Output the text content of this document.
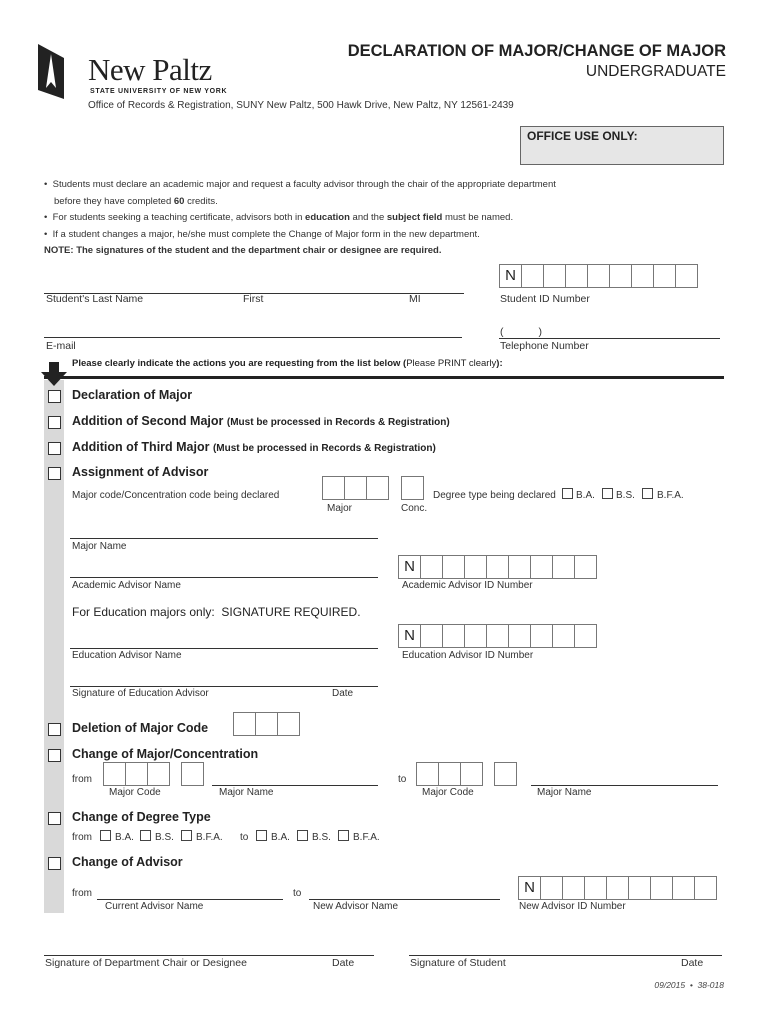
New Paltz
STATE UNIVERSITY OF NEW YORK
DECLARATION OF MAJOR/CHANGE OF MAJOR
UNDERGRADUATE
Office of Records & Registration, SUNY New Paltz, 500 Hawk Drive, New Paltz, NY 12561-2439
OFFICE USE ONLY:
•  Students must declare an academic major and request a faculty advisor through the chair of the appropriate department
before they have completed 60 credits.
•  For students seeking a teaching certificate, advisors both in education and the subject field must be named.
•  If a student changes a major, he/she must complete the Change of Major form in the new department.
NOTE: The signatures of the student and the department chair or designee are required.
Student's Last Name	First	MI
N
Student ID Number
E-mail
(            )
Telephone Number
Please clearly indicate the actions you are requesting from the list below (Please PRINT clearly):
Declaration of Major
Addition of Second Major (Must be processed in Records & Registration)
Addition of Third Major (Must be processed in Records & Registration)
Assignment of Advisor
Major code/Concentration code being declared
Major	Conc.
Degree type being declared B.A. B.S. B.F.A.
Major Name
Academic Advisor Name
N
Academic Advisor ID Number
For Education majors only:  SIGNATURE REQUIRED.
Education Advisor Name
N
Education Advisor ID Number
Signature of Education Advisor	Date
Deletion of Major Code
Change of Major/Concentration
from
Major Code	Major Name
to
Major Code	Major Name
Change of Degree Type
from B.A. B.S. B.F.A. to B.A. B.S. B.F.A.
Change of Advisor
from
Current Advisor Name
to
New Advisor Name
N
New Advisor ID Number
Signature of Department Chair or Designee	Date	Signature of Student	Date
09/2015  •  38-018
